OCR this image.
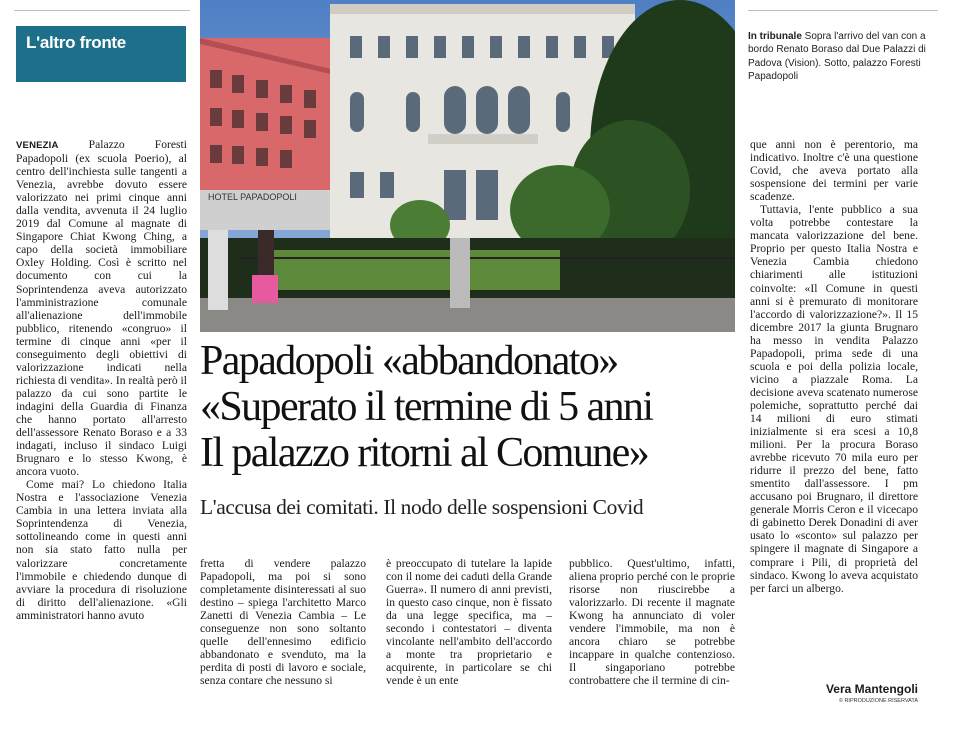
L'altro fronte
HOTEL PAPADOPOLI
In tribunale Sopra l'arrivo del van con a bordo Renato Boraso dal Due Palazzi di Padova (Vision). Sotto, palazzo Foresti Papadopoli

VENEZIA Palazzo Foresti Papadopoli (ex scuola Poerio), al centro dell'inchiesta sulle tangenti a Venezia, avrebbe dovuto essere valorizzato nei primi cinque anni dalla vendita, avvenuta il 24 luglio 2019 dal Comune al magnate di Singapore Chiat Kwong Ching, a capo della società immobiliare Oxley Holding. Così è scritto nel documento con cui la Soprintendenza aveva autorizzato l'amministrazione comunale all'alienazione dell'immobile pubblico, ritenendo «congruo» il termine di cinque anni «per il conseguimento degli obiettivi di valorizzazione indicati nella richiesta di vendita». In realtà però il palazzo da cui sono partite le indagini della Guardia di Finanza che hanno portato all'arresto dell'assessore Renato Boraso e a 33 indagati, incluso il sindaco Luigi Brugnaro e lo stesso Kwong, è ancora vuoto.

Come mai? Lo chiedono Italia Nostra e l'associazione Venezia Cambia in una lettera inviata alla Soprintendenza di Venezia, sottolineando come in questi anni non sia stato fatto nulla per valorizzare concretamente l'immobile e chiedendo dunque di avviare la procedura di risoluzione di diritto dell'alienazione. «Gli amministratori hanno avuto

Papadopoli «abbandonato»
«Superato il termine di 5 anni
Il palazzo ritorni al Comune»
L'accusa dei comitati. Il nodo delle sospensioni Covid

fretta di vendere palazzo Papadopoli, ma poi si sono completamente disinteressati al suo destino – spiega l'architetto Marco Zanetti di Venezia Cambia – Le conseguenze non sono soltanto quelle dell'ennesimo edificio abbandonato e svenduto, ma la perdita di posti di lavoro e sociale, senza contare che nessuno si

è preoccupato di tutelare la lapide con il nome dei caduti della Grande Guerra». Il numero di anni previsti, in questo caso cinque, non è fissato da una legge specifica, ma – secondo i contestatori – diventa vincolante nell'ambito dell'accordo a monte tra proprietario e acquirente, in particolare se chi vende è un ente

pubblico. Quest'ultimo, infatti, aliena proprio perché con le proprie risorse non riuscirebbe a valorizzarlo. Di recente il magnate Kwong ha annunciato di voler vendere l'immobile, ma non è ancora chiaro se potrebbe incappare in qualche contenzioso. Il singaporiano potrebbe controbattere che il termine di cin-

que anni non è perentorio, ma indicativo. Inoltre c'è una questione Covid, che aveva portato alla sospensione dei termini per varie scadenze.

Tuttavia, l'ente pubblico a sua volta potrebbe contestare la mancata valorizzazione del bene. Proprio per questo Italia Nostra e Venezia Cambia chiedono chiarimenti alle istituzioni coinvolte: «Il Comune in questi anni si è premurato di monitorare l'accordo di valorizzazione?». Il 15 dicembre 2017 la giunta Brugnaro ha messo in vendita Palazzo Papadopoli, prima sede di una scuola e poi della polizia locale, vicino a piazzale Roma. La decisione aveva scatenato numerose polemiche, soprattutto perché dai 14 milioni di euro stimati inizialmente si era scesi a 10,8 milioni. Per la procura Boraso avrebbe ricevuto 70 mila euro per ridurre il prezzo del bene, fatto smentito dall'assessore. I pm accusano poi Brugnaro, il direttore generale Morris Ceron e il vicecapo di gabinetto Derek Donadini di aver usato lo «sconto» sul palazzo per spingere il magnate di Singapore a comprare i Pili, di proprietà del sindaco. Kwong lo aveva acquistato per farci un albergo.

Vera Mantengoli
© RIPRODUZIONE RISERVATA
